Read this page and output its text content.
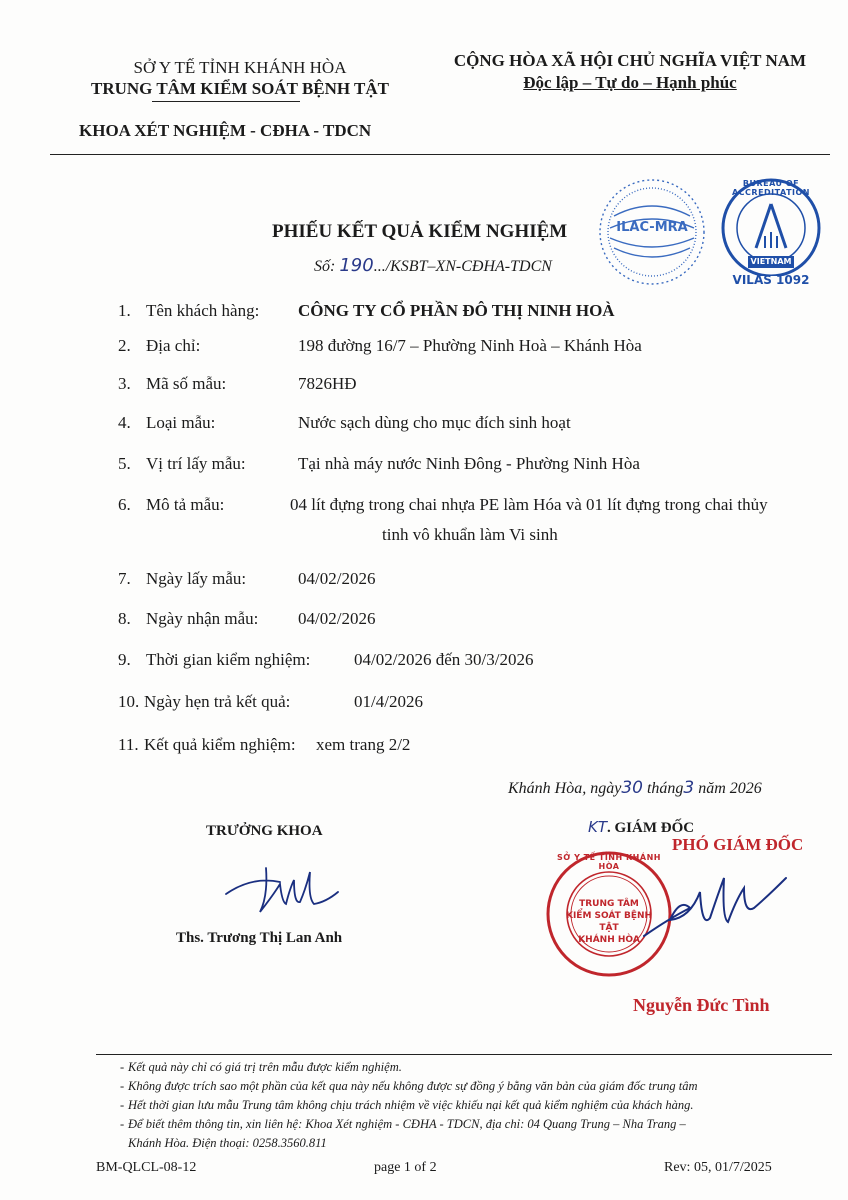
SỞ Y TẾ TỈNH KHÁNH HÒA
TRUNG TÂM KIỂM SOÁT BỆNH TẬT
KHOA XÉT NGHIỆM - CĐHA - TDCN
CỘNG HÒA XÃ HỘI CHỦ NGHĨA VIỆT NAM
Độc lập – Tự do – Hạnh phúc
ILAC-MRA
BUREAU OF ACCREDITATION
VIETNAM
VILAS 1092
PHIẾU KẾT QUẢ KIỂM NGHIỆM
Số: 190.../KSBT–XN-CĐHA-TDCN
1. Tên khách hàng: CÔNG TY CỔ PHẦN ĐÔ THỊ NINH HOÀ
2. Địa chỉ:	198 đường 16/7 – Phường Ninh Hoà – Khánh Hòa
3. Mã số mẫu:	7826HĐ
4. Loại mẫu:	Nước sạch dùng cho mục đích sinh hoạt
5. Vị trí lấy mẫu:	Tại nhà máy nước Ninh Đông - Phường Ninh Hòa
6. Mô tả mẫu:	04 lít đựng trong chai nhựa PE làm Hóa và 01 lít đựng trong chai thủy
tinh vô khuẩn làm Vi sinh
7. Ngày lấy mẫu:	04/02/2026
8. Ngày nhận mẫu: 04/02/2026
9. Thời gian kiểm nghiệm:	04/02/2026 đến 30/3/2026
10. Ngày hẹn trả kết quả:	01/4/2026
11. Kết quả kiểm nghiệm: xem trang 2/2
Khánh Hòa, ngày30 tháng3 năm 2026
TRƯỞNG KHOA
Ths. Trương Thị Lan Anh
KT. GIÁM ĐỐC
PHÓ GIÁM ĐỐC
SỞ Y TẾ TỈNH KHÁNH HÒA
TRUNG TÂM
KIỂM SOÁT BỆNH TẬT
KHÁNH HÒA
Nguyễn Đức Tình
- Kết quả này chỉ có giá trị trên mẫu được kiểm nghiệm.
- Không được trích sao một phần của kết qua này nếu không được sự đồng ý bằng văn bản của giám đốc trung tâm
- Hết thời gian lưu mẫu Trung tâm không chịu trách nhiệm về việc khiếu nại kết quả kiểm nghiệm của khách hàng.
- Để biết thêm thông tin, xin liên hệ: Khoa Xét nghiệm - CĐHA - TDCN, địa chỉ: 04 Quang Trung – Nha Trang –
Khánh Hòa. Điện thoại: 0258.3560.811
BM-QLCL-08-12	page 1 of 2	Rev: 05, 01/7/2025
